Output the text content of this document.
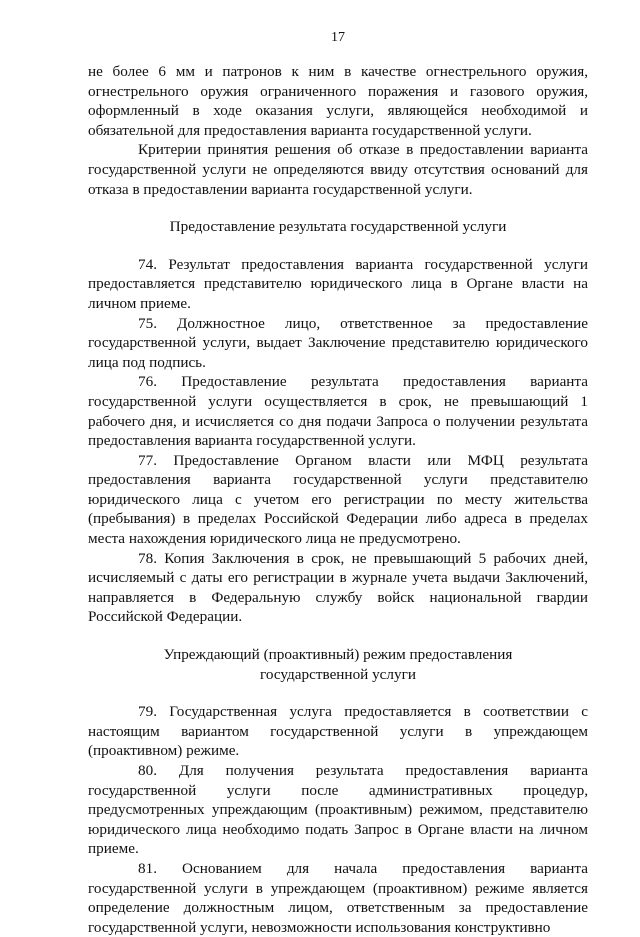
17

не более 6 мм и патронов к ним в качестве огнестрельного оружия, огнестрельного оружия ограниченного поражения и газового оружия, оформленный в ходе оказания услуги, являющейся необходимой и обязательной для предоставления варианта государственной услуги.

Критерии принятия решения об отказе в предоставлении варианта государственной услуги не определяются ввиду отсутствия оснований для отказа в предоставлении варианта государственной услуги.

Предоставление результата государственной услуги

74. Результат предоставления варианта государственной услуги предоставляется представителю юридического лица в Органе власти на личном приеме.

75. Должностное лицо, ответственное за предоставление государственной услуги, выдает Заключение представителю юридического лица под подпись.

76. Предоставление результата предоставления варианта государственной услуги осуществляется в срок, не превышающий 1 рабочего дня, и исчисляется со дня подачи Запроса о получении результата предоставления варианта государственной услуги.

77. Предоставление Органом власти или МФЦ результата предоставления варианта государственной услуги представителю юридического лица с учетом его регистрации по месту жительства (пребывания) в пределах Российской Федерации либо адреса в пределах места нахождения юридического лица не предусмотрено.

78. Копия Заключения в срок, не превышающий 5 рабочих дней, исчисляемый с даты его регистрации в журнале учета выдачи Заключений, направляется в Федеральную службу войск национальной гвардии Российской Федерации.

Упреждающий (проактивный) режим предоставления
государственной услуги

79. Государственная услуга предоставляется в соответствии с настоящим вариантом государственной услуги в упреждающем (проактивном) режиме.

80. Для получения результата предоставления варианта государственной услуги после административных процедур, предусмотренных упреждающим (проактивным) режимом, представителю юридического лица необходимо подать Запрос в Органе власти на личном приеме.

81. Основанием для начала предоставления варианта государственной услуги в упреждающем (проактивном) режиме является определение должностным лицом, ответственным за предоставление государственной услуги, невозможности использования конструктивно
